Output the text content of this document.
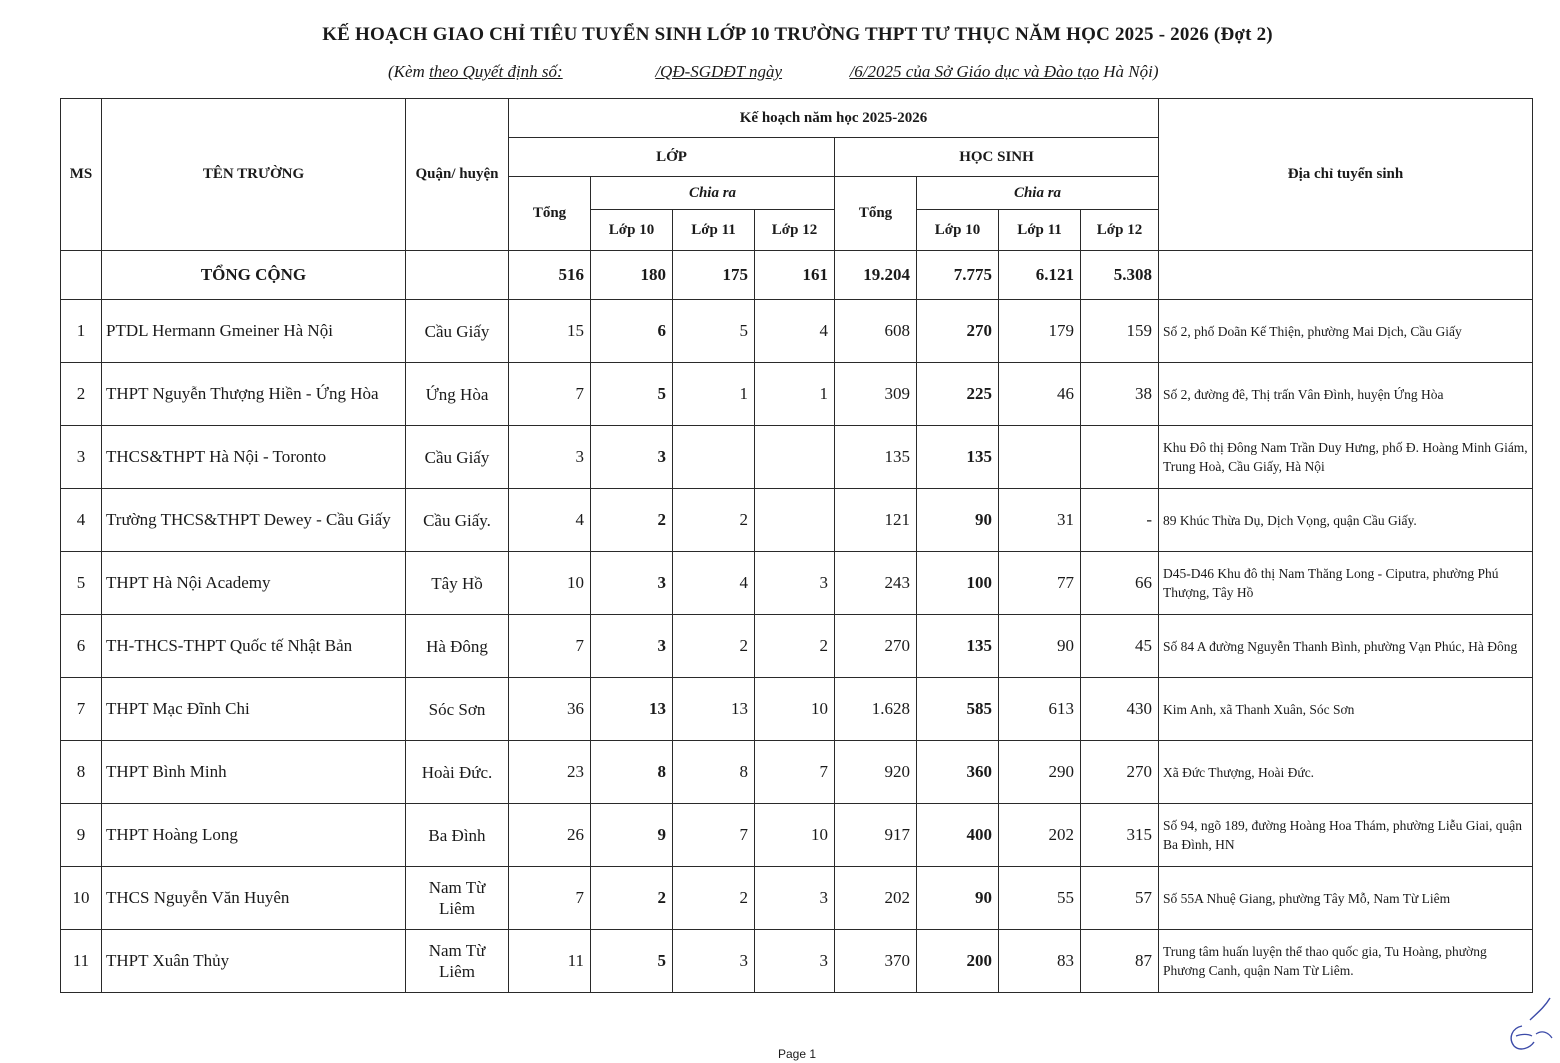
KẾ HOẠCH GIAO CHỈ TIÊU TUYỂN SINH LỚP 10 TRƯỜNG THPT TƯ THỤC NĂM HỌC 2025 - 2026 (Đợt 2)
(Kèm theo Quyết định số:	/QĐ-SGDĐT ngày	/6/2025 của Sở Giáo dục và Đào tạo Hà Nội)
MS	TÊN TRƯỜNG	Quận/ huyện	Kế hoạch năm học 2025-2026								Địa chỉ tuyển sinh
			LỚP				HỌC SINH				
			Tổng	Chia ra			Tổng	Chia ra			
				Lớp 10	Lớp 11	Lớp 12		Lớp 10	Lớp 11	Lớp 12	
	TỔNG CỘNG		516	180	175	161	19.204	7.775	6.121	5.308	
1	PTDL Hermann Gmeiner Hà Nội	Cầu Giấy	15	6	5	4	608	270	179	159	Số 2, phố Doãn Kế Thiện, phường Mai Dịch, Cầu Giấy
2	THPT Nguyễn Thượng Hiền - Ứng Hòa	Ứng Hòa	7	5	1	1	309	225	46	38	Số 2, đường đê, Thị trấn Vân Đình, huyện Ứng Hòa
3	THCS&THPT Hà Nội - Toronto	Cầu Giấy	3	3			135	135			Khu Đô thị Đông Nam Trần Duy Hưng, phố Đ. Hoàng Minh Giám, Trung Hoà, Cầu Giấy, Hà Nội
4	Trường THCS&THPT Dewey - Cầu Giấy	Cầu Giấy.	4	2	2		121	90	31	-	89 Khúc Thừa Dụ, Dịch Vọng, quận Cầu Giấy.
5	THPT Hà Nội Academy	Tây Hồ	10	3	4	3	243	100	77	66	D45-D46 Khu đô thị Nam Thăng Long - Ciputra, phường Phú Thượng, Tây Hồ
6	TH-THCS-THPT Quốc tế Nhật Bản	Hà Đông	7	3	2	2	270	135	90	45	Số 84 A đường Nguyễn Thanh Bình, phường Vạn Phúc, Hà Đông
7	THPT Mạc Đĩnh Chi	Sóc Sơn	36	13	13	10	1.628	585	613	430	Kim Anh, xã Thanh Xuân, Sóc Sơn
8	THPT Bình Minh	Hoài Đức.	23	8	8	7	920	360	290	270	Xã Đức Thượng, Hoài Đức.
9	THPT Hoàng Long	Ba Đình	26	9	7	10	917	400	202	315	Số 94, ngõ 189, đường Hoàng Hoa Thám, phường Liễu Giai, quận Ba Đình, HN
10	THCS Nguyễn Văn Huyên	Nam Từ Liêm	7	2	2	3	202	90	55	57	Số 55A Nhuệ Giang, phường Tây Mỗ, Nam Từ Liêm
11	THPT Xuân Thủy	Nam Từ Liêm	11	5	3	3	370	200	83	87	Trung tâm huấn luyện thể thao quốc gia, Tu Hoàng, phường Phương Canh, quận Nam Từ Liêm.
Page 1
